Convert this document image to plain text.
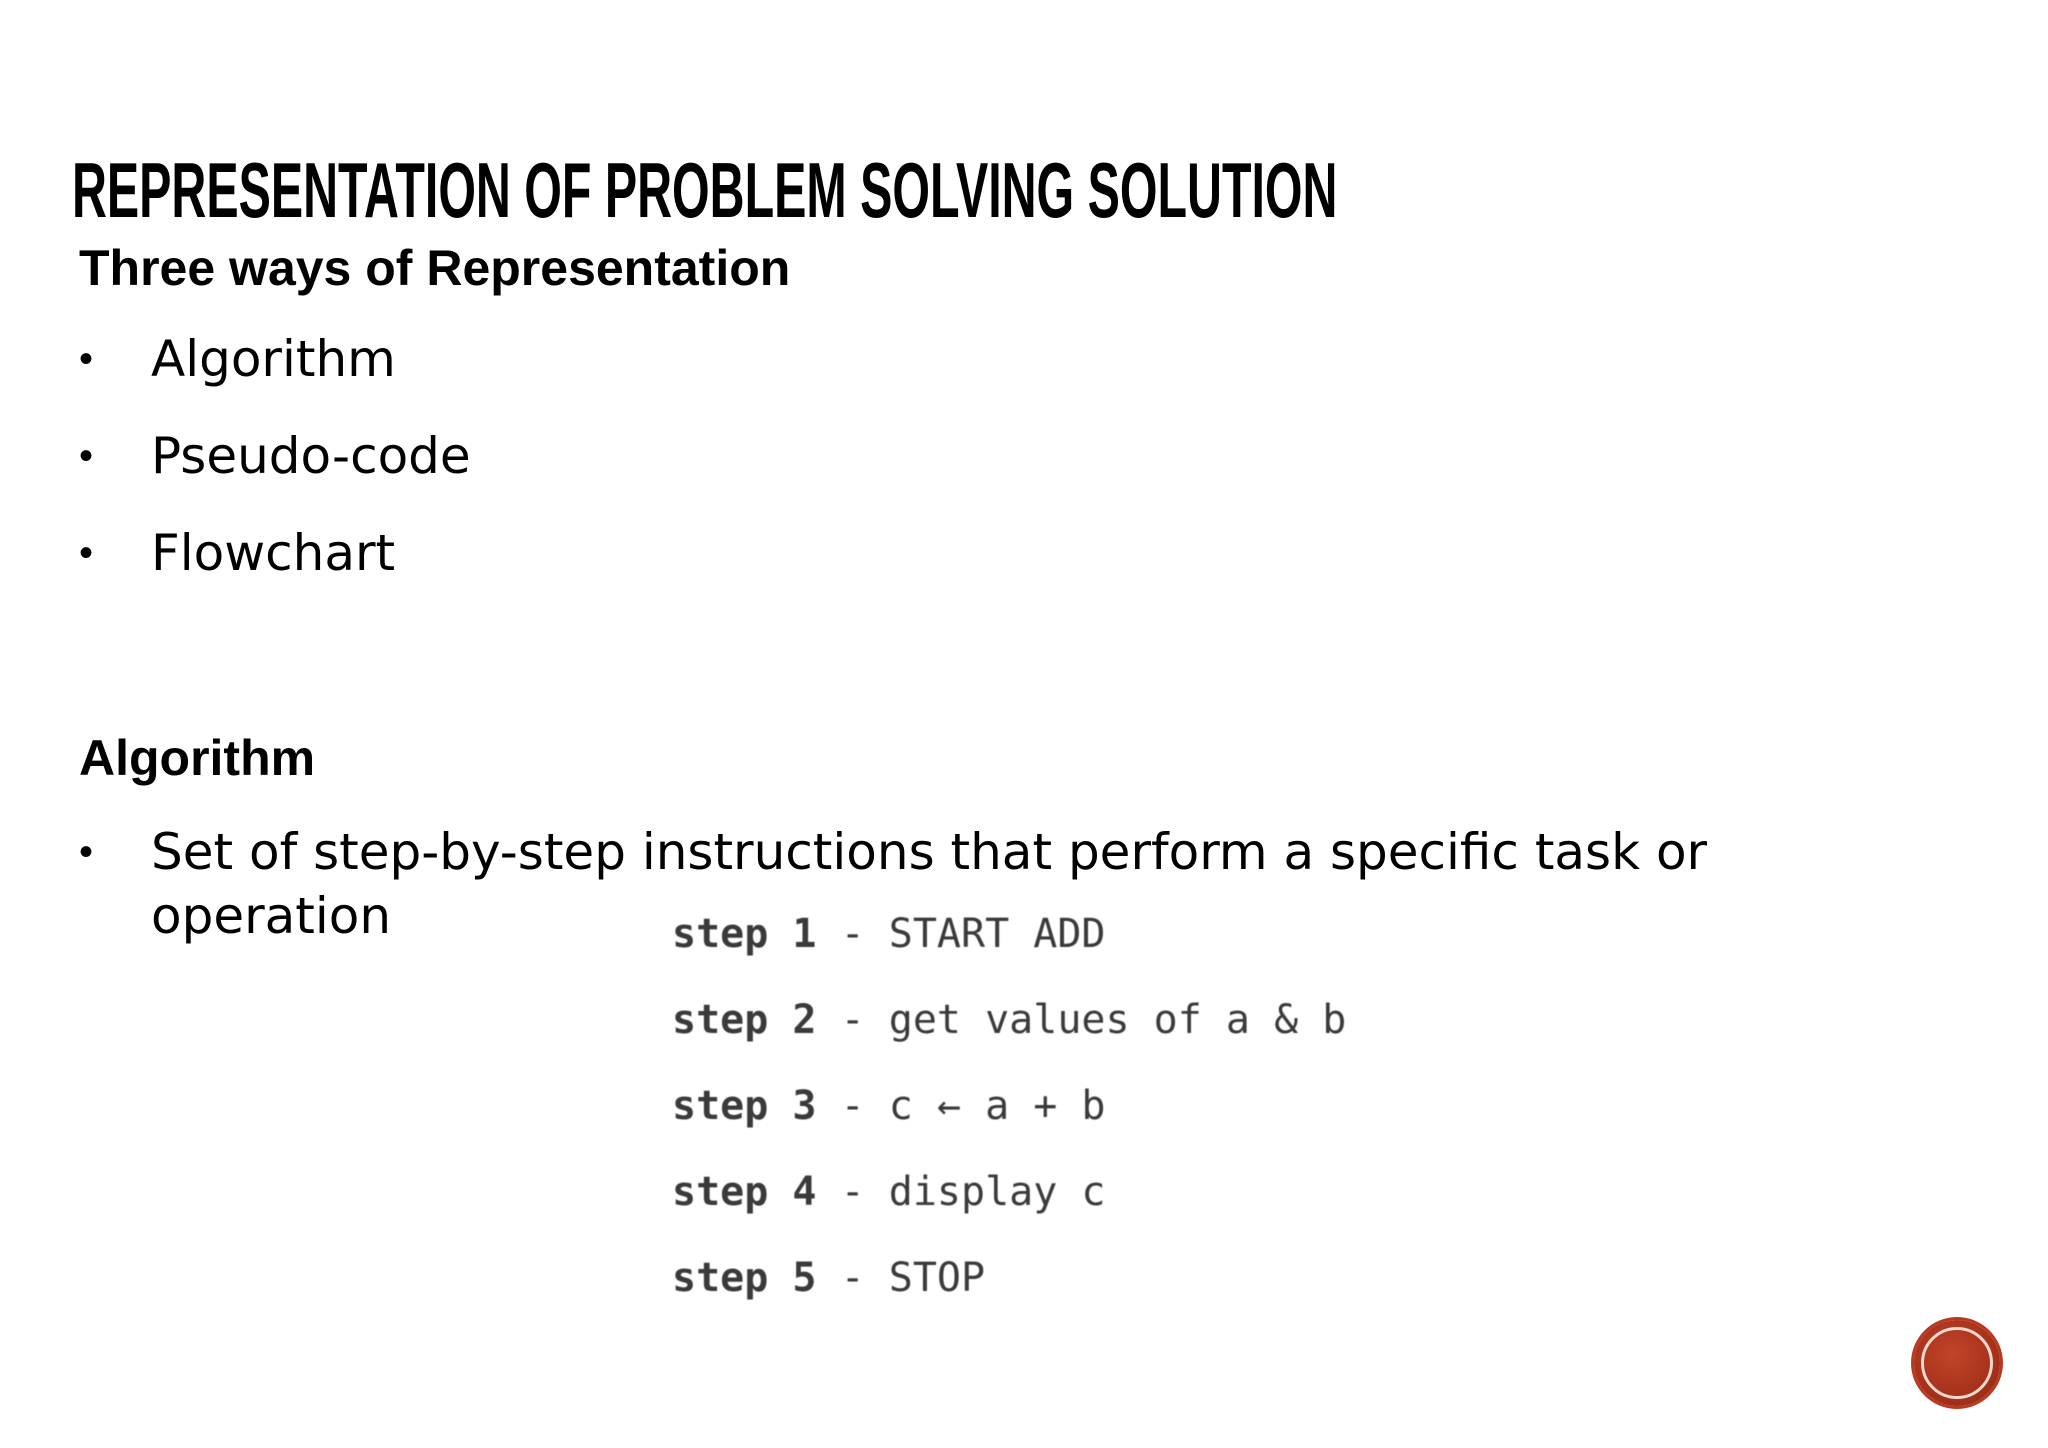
REPRESENTATION OF PROBLEM SOLVING SOLUTION
Three ways of Representation
• Algorithm
• Pseudo-code
• Flowchart
Algorithm
• Set of step-by-step instructions that perform a specific task or operation	step 1 - START ADD
step 2 - get values of a & b
step 3 - c ← a + b
step 4 - display c
step 5 - STOP
